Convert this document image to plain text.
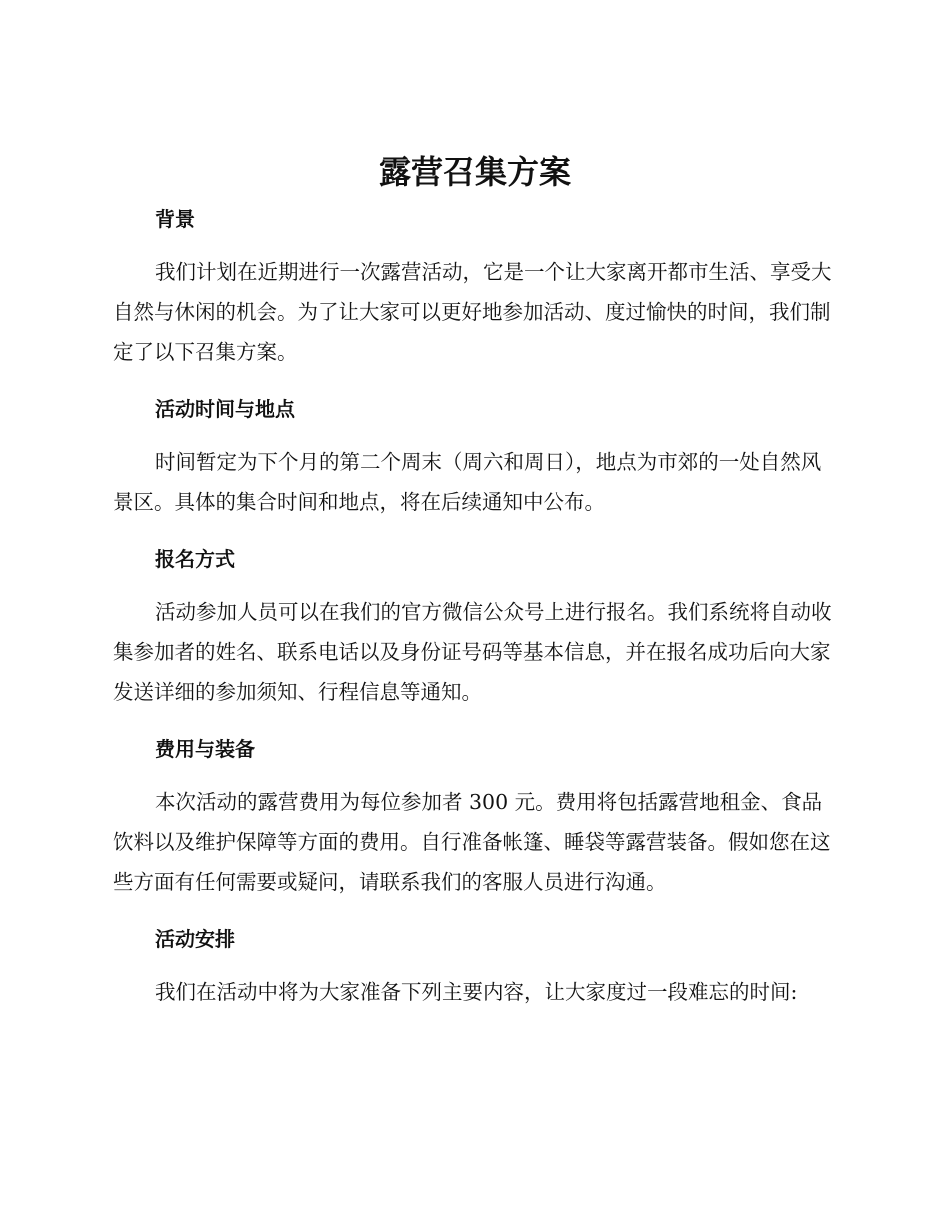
露营召集方案
背景

我们计划在近期进行一次露营活动，它是一个让大家离开都市生活、享受大自然与休闲的机会。为了让大家可以更好地参加活动、度过愉快的时间，我们制定了以下召集方案。

活动时间与地点

时间暂定为下个月的第二个周末（周六和周日），地点为市郊的一处自然风景区。具体的集合时间和地点，将在后续通知中公布。

报名方式

活动参加人员可以在我们的官方微信公众号上进行报名。我们系统将自动收集参加者的姓名、联系电话以及身份证号码等基本信息，并在报名成功后向大家发送详细的参加须知、行程信息等通知。

费用与装备

本次活动的露营费用为每位参加者 300 元。费用将包括露营地租金、食品饮料以及维护保障等方面的费用。自行准备帐篷、睡袋等露营装备。假如您在这些方面有任何需要或疑问，请联系我们的客服人员进行沟通。

活动安排

我们在活动中将为大家准备下列主要内容，让大家度过一段难忘的时间:
